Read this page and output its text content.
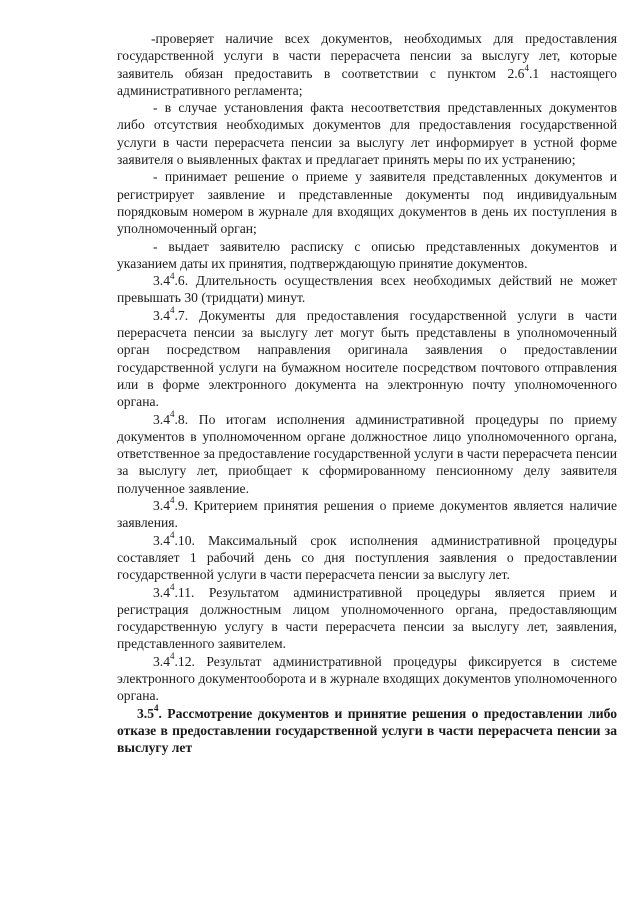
-проверяет наличие всех документов, необходимых для предоставления государственной услуги в части перерасчета пенсии за выслугу лет, которые заявитель обязан предоставить в соответствии с пунктом $2.6^4.1$ настоящего административного регламента;

- в случае установления факта несоответствия представленных документов либо отсутствия необходимых документов для предоставления государственной услуги в части перерасчета пенсии за выслугу лет информирует в устной форме заявителя о выявленных фактах и предлагает принять меры по их устранению;

- принимает решение о приеме у заявителя представленных документов и регистрирует заявление и представленные документы под индивидуальным порядковым номером в журнале для входящих документов в день их поступления в уполномоченный орган;

- выдает заявителю расписку с описью представленных документов и указанием даты их принятия, подтверждающую принятие документов.

$3.4^4.6$. Длительность осуществления всех необходимых действий не может превышать 30 (тридцати) минут.

$3.4^4.7$. Документы для предоставления государственной услуги в части перерасчета пенсии за выслугу лет могут быть представлены в уполномоченный орган посредством направления оригинала заявления о предоставлении государственной услуги на бумажном носителе посредством почтового отправления или в форме электронного документа на электронную почту уполномоченного органа.

$3.4^4.8$. По итогам исполнения административной процедуры по приему документов в уполномоченном органе должностное лицо уполномоченного органа, ответственное за предоставление государственной услуги в части перерасчета пенсии за выслугу лет, приобщает к сформированному пенсионному делу заявителя полученное заявление.

$3.4^4.9$. Критерием принятия решения о приеме документов является наличие заявления.

$3.4^4.10$. Максимальный срок исполнения административной процедуры составляет 1 рабочий день со дня поступления заявления о предоставлении государственной услуги в части перерасчета пенсии за выслугу лет.

$3.4^4.11$. Результатом административной процедуры является прием и регистрация должностным лицом уполномоченного органа, предоставляющим государственную услугу в части перерасчета пенсии за выслугу лет, заявления, представленного заявителем.

$3.4^4.12$. Результат административной процедуры фиксируется в системе электронного документооборота и в журнале входящих документов уполномоченного органа.

$3.5^4$. Рассмотрение документов и принятие решения о предоставлении либо отказе в предоставлении государственной услуги в части перерасчета пенсии за выслугу лет
